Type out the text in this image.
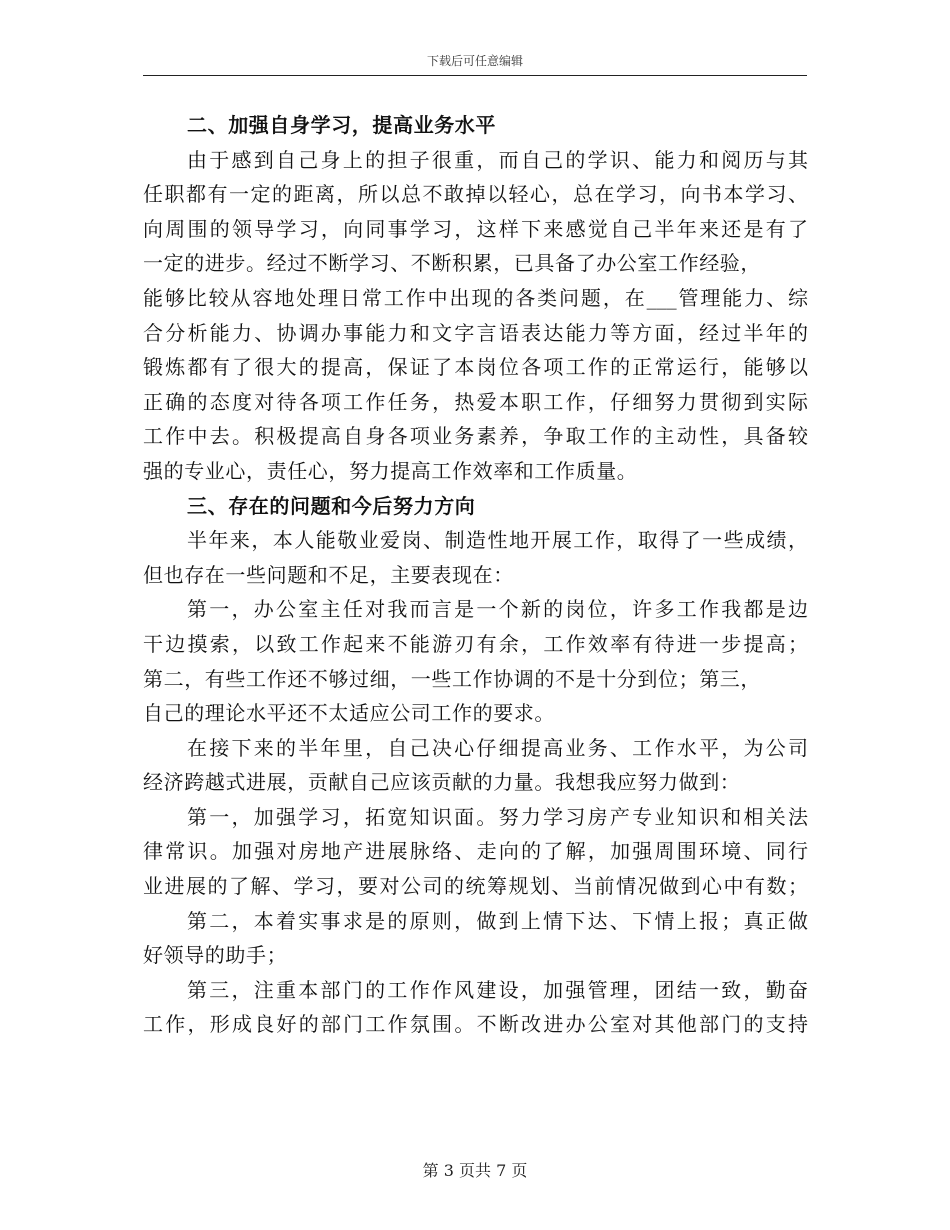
下载后可任意编辑
二、加强自身学习，提高业务水平
由于感到自己身上的担子很重，而自己的学识、能力和阅历与其
任职都有一定的距离，所以总不敢掉以轻心，总在学习，向书本学习、
向周围的领导学习，向同事学习，这样下来感觉自己半年来还是有了
一定的进步。经过不断学习、不断积累，已具备了办公室工作经验，
能够比较从容地处理日常工作中出现的各类问题，在___管理能力、综
合分析能力、协调办事能力和文字言语表达能力等方面，经过半年的
锻炼都有了很大的提高，保证了本岗位各项工作的正常运行，能够以
正确的态度对待各项工作任务，热爱本职工作，仔细努力贯彻到实际
工作中去。积极提高自身各项业务素养，争取工作的主动性，具备较
强的专业心，责任心，努力提高工作效率和工作质量。
三、存在的问题和今后努力方向
半年来，本人能敬业爱岗、制造性地开展工作，取得了一些成绩，
但也存在一些问题和不足，主要表现在：
第一，办公室主任对我而言是一个新的岗位，许多工作我都是边
干边摸索，以致工作起来不能游刃有余，工作效率有待进一步提高；
第二，有些工作还不够过细，一些工作协调的不是十分到位；第三，
自己的理论水平还不太适应公司工作的要求。
在接下来的半年里，自己决心仔细提高业务、工作水平，为公司
经济跨越式进展，贡献自己应该贡献的力量。我想我应努力做到：
第一，加强学习，拓宽知识面。努力学习房产专业知识和相关法
律常识。加强对房地产进展脉络、走向的了解，加强周围环境、同行
业进展的了解、学习，要对公司的统筹规划、当前情况做到心中有数；
第二，本着实事求是的原则，做到上情下达、下情上报；真正做
好领导的助手；
第三，注重本部门的工作作风建设，加强管理，团结一致，勤奋
工作，形成良好的部门工作氛围。不断改进办公室对其他部门的支持
第 3 页共 7 页
